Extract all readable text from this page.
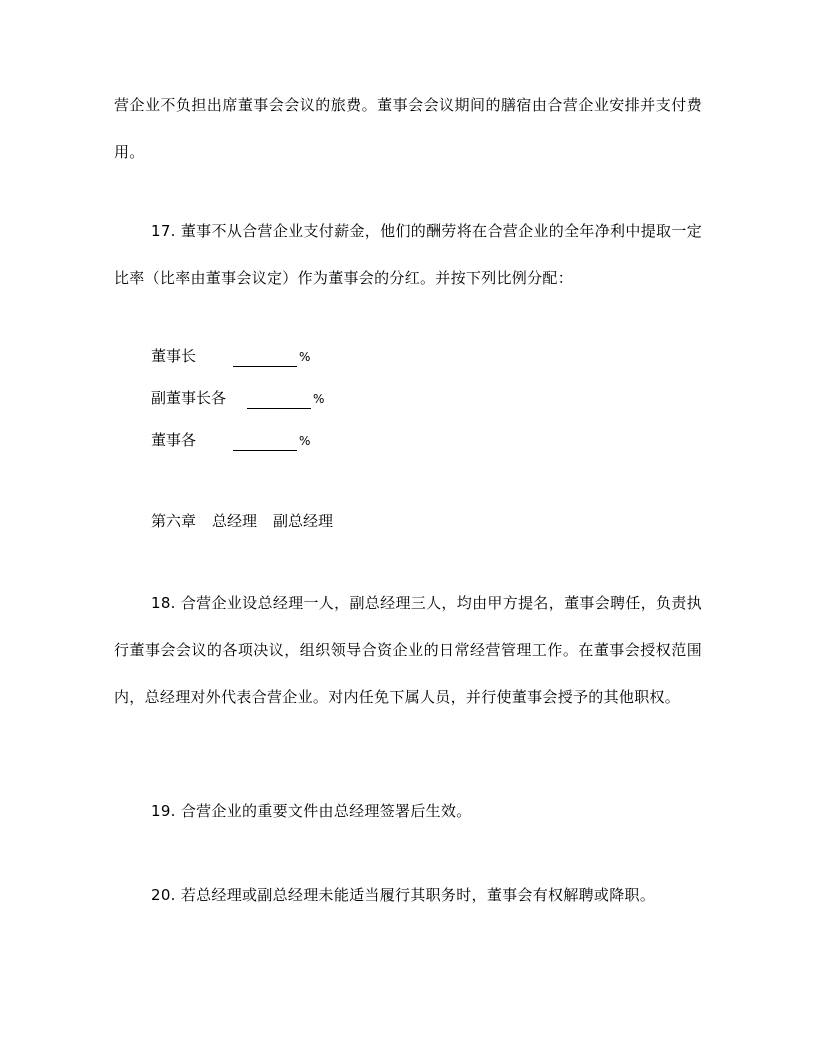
营企业不负担出席董事会会议的旅费。董事会会议期间的膳宿由合营企业安排并支付费用。

17. 董事不从合营企业支付薪金，他们的酬劳将在合营企业的全年净利中提取一定比率（比率由董事会议定）作为董事会的分红。并按下列比例分配：

董事长	%
副董事长各	%
董事各	%
第六章 总经理 副总经理

18. 合营企业设总经理一人，副总经理三人，均由甲方提名，董事会聘任，负责执行董事会会议的各项决议，组织领导合资企业的日常经营管理工作。在董事会授权范围内，总经理对外代表合营企业。对内任免下属人员，并行使董事会授予的其他职权。

19. 合营企业的重要文件由总经理签署后生效。

20. 若总经理或副总经理未能适当履行其职务时，董事会有权解聘或降职。
